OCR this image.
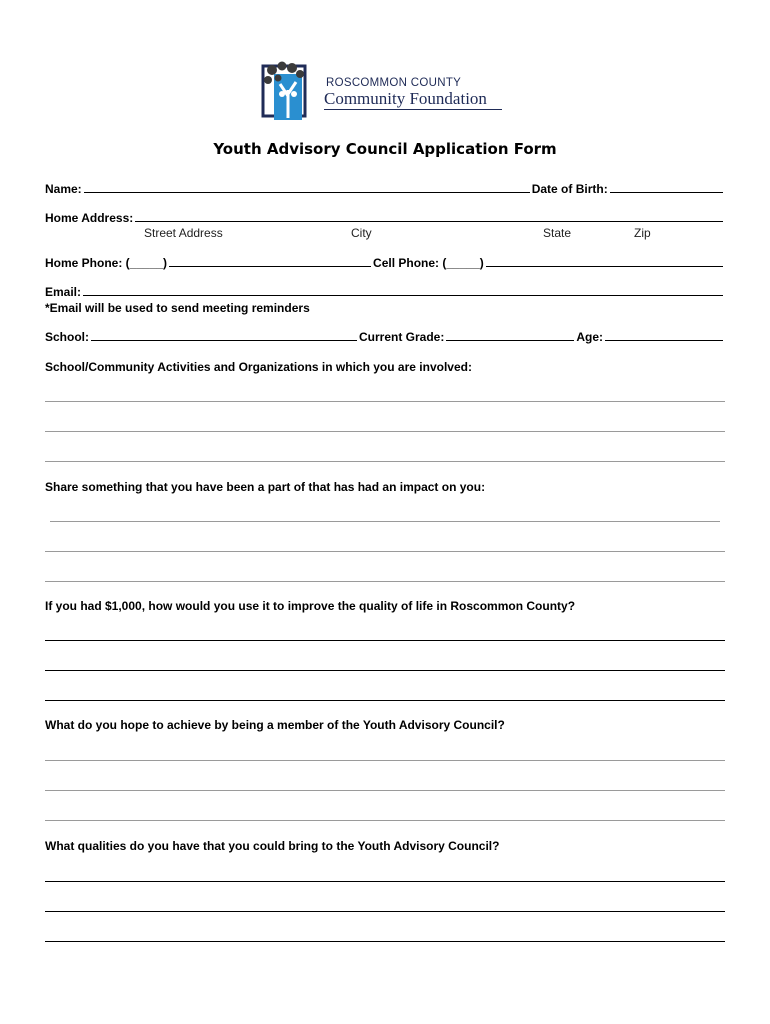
ROSCOMMON COUNTY
Community Foundation
Youth Advisory Council Application Form
Name:	Date of Birth:
Home Address:
Street Address	City	State	Zip
Home Phone: (_____)	Cell Phone: (_____)
Email:
*Email will be used to send meeting reminders
School:	Current Grade:	Age:
School/Community Activities and Organizations in which you are involved:
Share something that you have been a part of that has had an impact on you:
If you had $1,000, how would you use it to improve the quality of life in Roscommon County?
What do you hope to achieve by being a member of the Youth Advisory Council?
What qualities do you have that you could bring to the Youth Advisory Council?
